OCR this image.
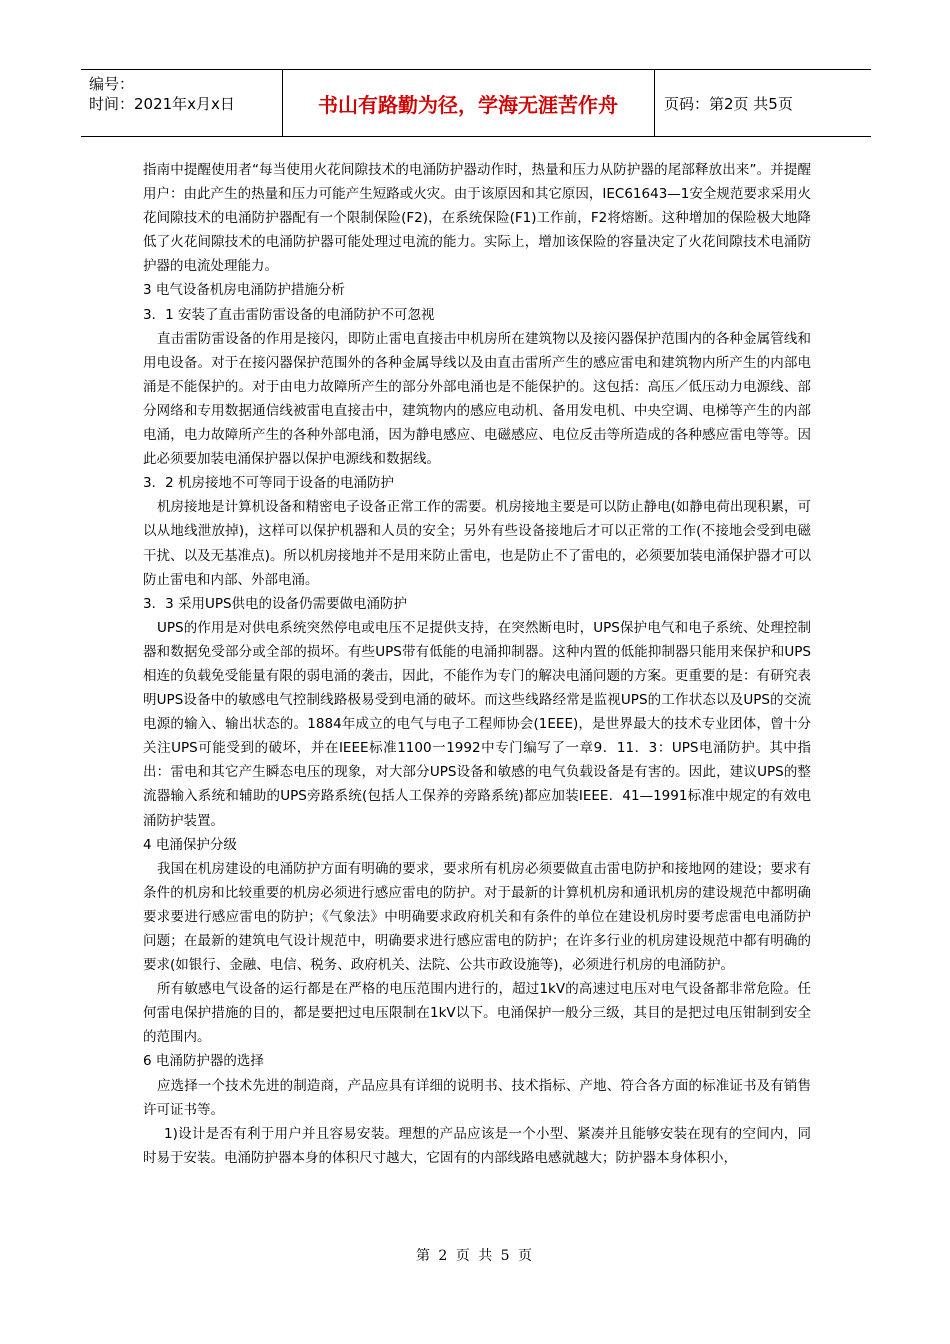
编号：
时间：2021年x月x日	书山有路勤为径，学海无涯苦作舟	页码：第2页 共5页

指南中提醒使用者“每当使用火花间隙技术的电涌防护器动作时，热量和压力从防护器的尾部释放出来”。并提醒用户：由此产生的热量和压力可能产生短路或火灾。由于该原因和其它原因，IEC61643—1安全规范要求采用火花间隙技术的电涌防护器配有一个限制保险(F2)，在系统保险(F1)工作前，F2将熔断。这种增加的保险极大地降低了火花间隙技术的电涌防护器可能处理过电流的能力。实际上，增加该保险的容量决定了火花间隙技术电涌防护器的电流处理能力。

3 电气设备机房电涌防护措施分析

3．1 安装了直击雷防雷设备的电涌防护不可忽视

直击雷防雷设备的作用是接闪，即防止雷电直接击中机房所在建筑物以及接闪器保护范围内的各种金属管线和用电设备。对于在接闪器保护范围外的各种金属导线以及由直击雷所产生的感应雷电和建筑物内所产生的内部电涌是不能保护的。对于由电力故障所产生的部分外部电涌也是不能保护的。这包括：高压／低压动力电源线、部分网络和专用数据通信线被雷电直接击中，建筑物内的感应电动机、备用发电机、中央空调、电梯等产生的内部电涌，电力故障所产生的各种外部电涌，因为静电感应、电磁感应、电位反击等所造成的各种感应雷电等等。因此必须要加装电涌保护器以保护电源线和数据线。

3．2 机房接地不可等同于设备的电涌防护

机房接地是计算机设备和精密电子设备正常工作的需要。机房接地主要是可以防止静电(如静电荷出现积累，可以从地线泄放掉)，这样可以保护机器和人员的安全；另外有些设备接地后才可以正常的工作(不接地会受到电磁干扰、以及无基准点)。所以机房接地并不是用来防止雷电，也是防止不了雷电的，必须要加装电涌保护器才可以防止雷电和内部、外部电涌。

3．3 采用UPS供电的设备仍需要做电涌防护

UPS的作用是对供电系统突然停电或电压不足提供支持，在突然断电时，UPS保护电气和电子系统、处理控制器和数据免受部分或全部的损坏。有些UPS带有低能的电涌抑制器。这种内置的低能抑制器只能用来保护和UPS相连的负载免受能量有限的弱电涌的袭击，因此，不能作为专门的解决电涌问题的方案。更重要的是：有研究表明UPS设备中的敏感电气控制线路极易受到电涌的破坏。而这些线路经常是监视UPS的工作状态以及UPS的交流电源的输入、输出状态的。1884年成立的电气与电子工程师协会(1EEE)，是世界最大的技术专业团体，曾十分关注UPS可能受到的破坏，并在IEEE标准1100一1992中专门编写了一章9．11．3：UPS电涌防护。其中指出：雷电和其它产生瞬态电压的现象，对大部分UPS设备和敏感的电气负载设备是有害的。因此，建议UPS的整流器输入系统和辅助的UPS旁路系统(包括人工保养的旁路系统)都应加装IEEE．41—1991标准中规定的有效电涌防护装置。

4 电涌保护分级

我国在机房建设的电涌防护方面有明确的要求，要求所有机房必须要做直击雷电防护和接地网的建设；要求有条件的机房和比较重要的机房必须进行感应雷电的防护。对于最新的计算机机房和通讯机房的建设规范中都明确要求要进行感应雷电的防护；《气象法》中明确要求政府机关和有条件的单位在建设机房时要考虑雷电电涌防护问题；在最新的建筑电气设计规范中，明确要求进行感应雷电的防护；在许多行业的机房建设规范中都有明确的要求(如银行、金融、电信、税务、政府机关、法院、公共市政设施等)，必须进行机房的电涌防护。

所有敏感电气设备的运行都是在严格的电压范围内进行的，超过1kV的高速过电压对电气设备都非常危险。任何雷电保护措施的目的，都是要把过电压限制在1kV以下。电涌保护一般分三级，其目的是把过电压钳制到安全的范围内。

6 电涌防护器的选择

应选择一个技术先进的制造商，产品应具有详细的说明书、技术指标、产地、符合各方面的标准证书及有销售许可证书等。

1)设计是否有利于用户并且容易安装。理想的产品应该是一个小型、紧凑并且能够安装在现有的空间内，同时易于安装。电涌防护器本身的体积尺寸越大，它固有的内部线路电感就越大；防护器本身体积小，

第 2 页 共 5 页
